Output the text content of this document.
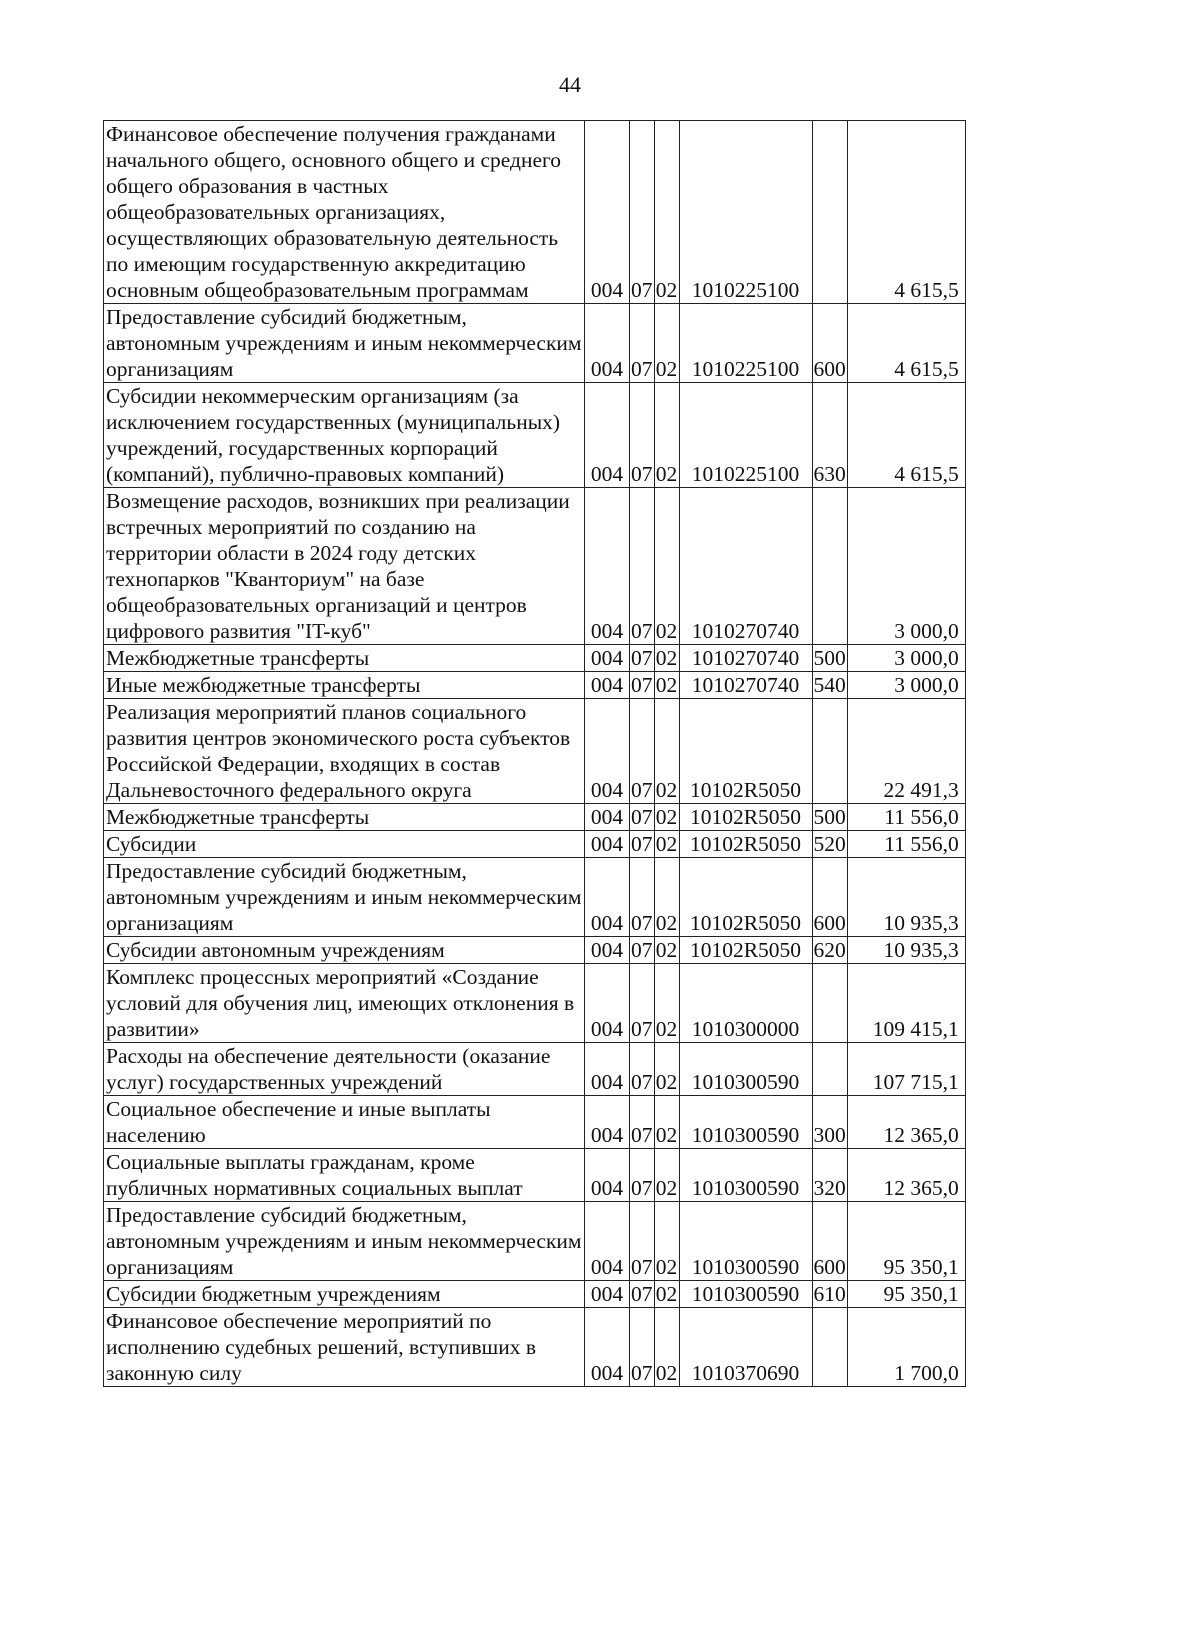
44
Финансовое обеспечение получения гражданами начального общего, основного общего и среднего общего образования в частных общеобразовательных организациях, осуществляющих образовательную деятельность по имеющим государственную аккредитацию основным общеобразовательным программам	004	07	02	1010225100		4 615,5
Предоставление субсидий бюджетным, автономным учреждениям и иным некоммерческим организациям	004	07	02	1010225100	600	4 615,5
Субсидии некоммерческим организациям (за исключением государственных (муниципальных) учреждений, государственных корпораций (компаний), публично-правовых компаний)	004	07	02	1010225100	630	4 615,5
Возмещение расходов, возникших при реализации встречных мероприятий по созданию на территории области в 2024 году детских технопарков "Кванториум" на базе общеобразовательных организаций и центров цифрового развития "IT-куб"	004	07	02	1010270740		3 000,0
Межбюджетные трансферты	004	07	02	1010270740	500	3 000,0
Иные межбюджетные трансферты	004	07	02	1010270740	540	3 000,0
Реализация мероприятий планов социального развития центров экономического роста субъектов Российской Федерации, входящих в состав Дальневосточного федерального округа	004	07	02	10102R5050		22 491,3
Межбюджетные трансферты	004	07	02	10102R5050	500	11 556,0
Субсидии	004	07	02	10102R5050	520	11 556,0
Предоставление субсидий бюджетным, автономным учреждениям и иным некоммерческим организациям	004	07	02	10102R5050	600	10 935,3
Субсидии автономным учреждениям	004	07	02	10102R5050	620	10 935,3
Комплекс процессных мероприятий «Создание условий для обучения лиц, имеющих отклонения в развитии»	004	07	02	1010300000		109 415,1
Расходы на обеспечение деятельности (оказание услуг) государственных учреждений	004	07	02	1010300590		107 715,1
Социальное обеспечение и иные выплаты населению	004	07	02	1010300590	300	12 365,0
Социальные выплаты гражданам, кроме публичных нормативных социальных выплат	004	07	02	1010300590	320	12 365,0
Предоставление субсидий бюджетным, автономным учреждениям и иным некоммерческим организациям	004	07	02	1010300590	600	95 350,1
Субсидии бюджетным учреждениям	004	07	02	1010300590	610	95 350,1
Финансовое обеспечение мероприятий по исполнению судебных решений, вступивших в законную силу	004	07	02	1010370690		1 700,0
